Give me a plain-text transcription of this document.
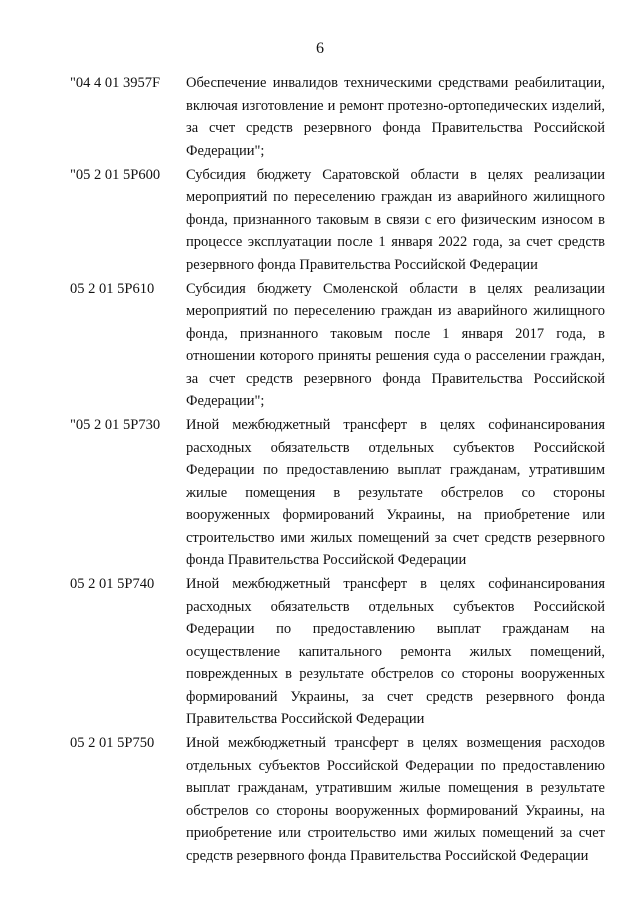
6
"04 4 01 3957F	Обеспечение инвалидов техническими средствами реабилитации, включая изготовление и ремонт протезно-ортопедических изделий, за счет средств резервного фонда Правительства Российской Федерации";
"05 2 01 5Р600	Субсидия бюджету Саратовской области в целях реализации мероприятий по переселению граждан из аварийного жилищного фонда, признанного таковым в связи с его физическим износом в процессе эксплуатации после 1 января 2022 года, за счет средств резервного фонда Правительства Российской Федерации
05 2 01 5Р610	Субсидия бюджету Смоленской области в целях реализации мероприятий по переселению граждан из аварийного жилищного фонда, признанного таковым после 1 января 2017 года, в отношении которого приняты решения суда о расселении граждан, за счет средств резервного фонда Правительства Российской Федерации";
"05 2 01 5Р730	Иной межбюджетный трансферт в целях софинансирования расходных обязательств отдельных субъектов Российской Федерации по предоставлению выплат гражданам, утратившим жилые помещения в результате обстрелов со стороны вооруженных формирований Украины, на приобретение или строительство ими жилых помещений за счет средств резервного фонда Правительства Российской Федерации
05 2 01 5Р740	Иной межбюджетный трансферт в целях софинансирования расходных обязательств отдельных субъектов Российской Федерации по предоставлению выплат гражданам на осуществление капитального ремонта жилых помещений, поврежденных в результате обстрелов со стороны вооруженных формирований Украины, за счет средств резервного фонда Правительства Российской Федерации
05 2 01 5Р750	Иной межбюджетный трансферт в целях возмещения расходов отдельных субъектов Российской Федерации по предоставлению выплат гражданам, утратившим жилые помещения в результате обстрелов со стороны вооруженных формирований Украины, на приобретение или строительство ими жилых помещений за счет средств резервного фонда Правительства Российской Федерации
